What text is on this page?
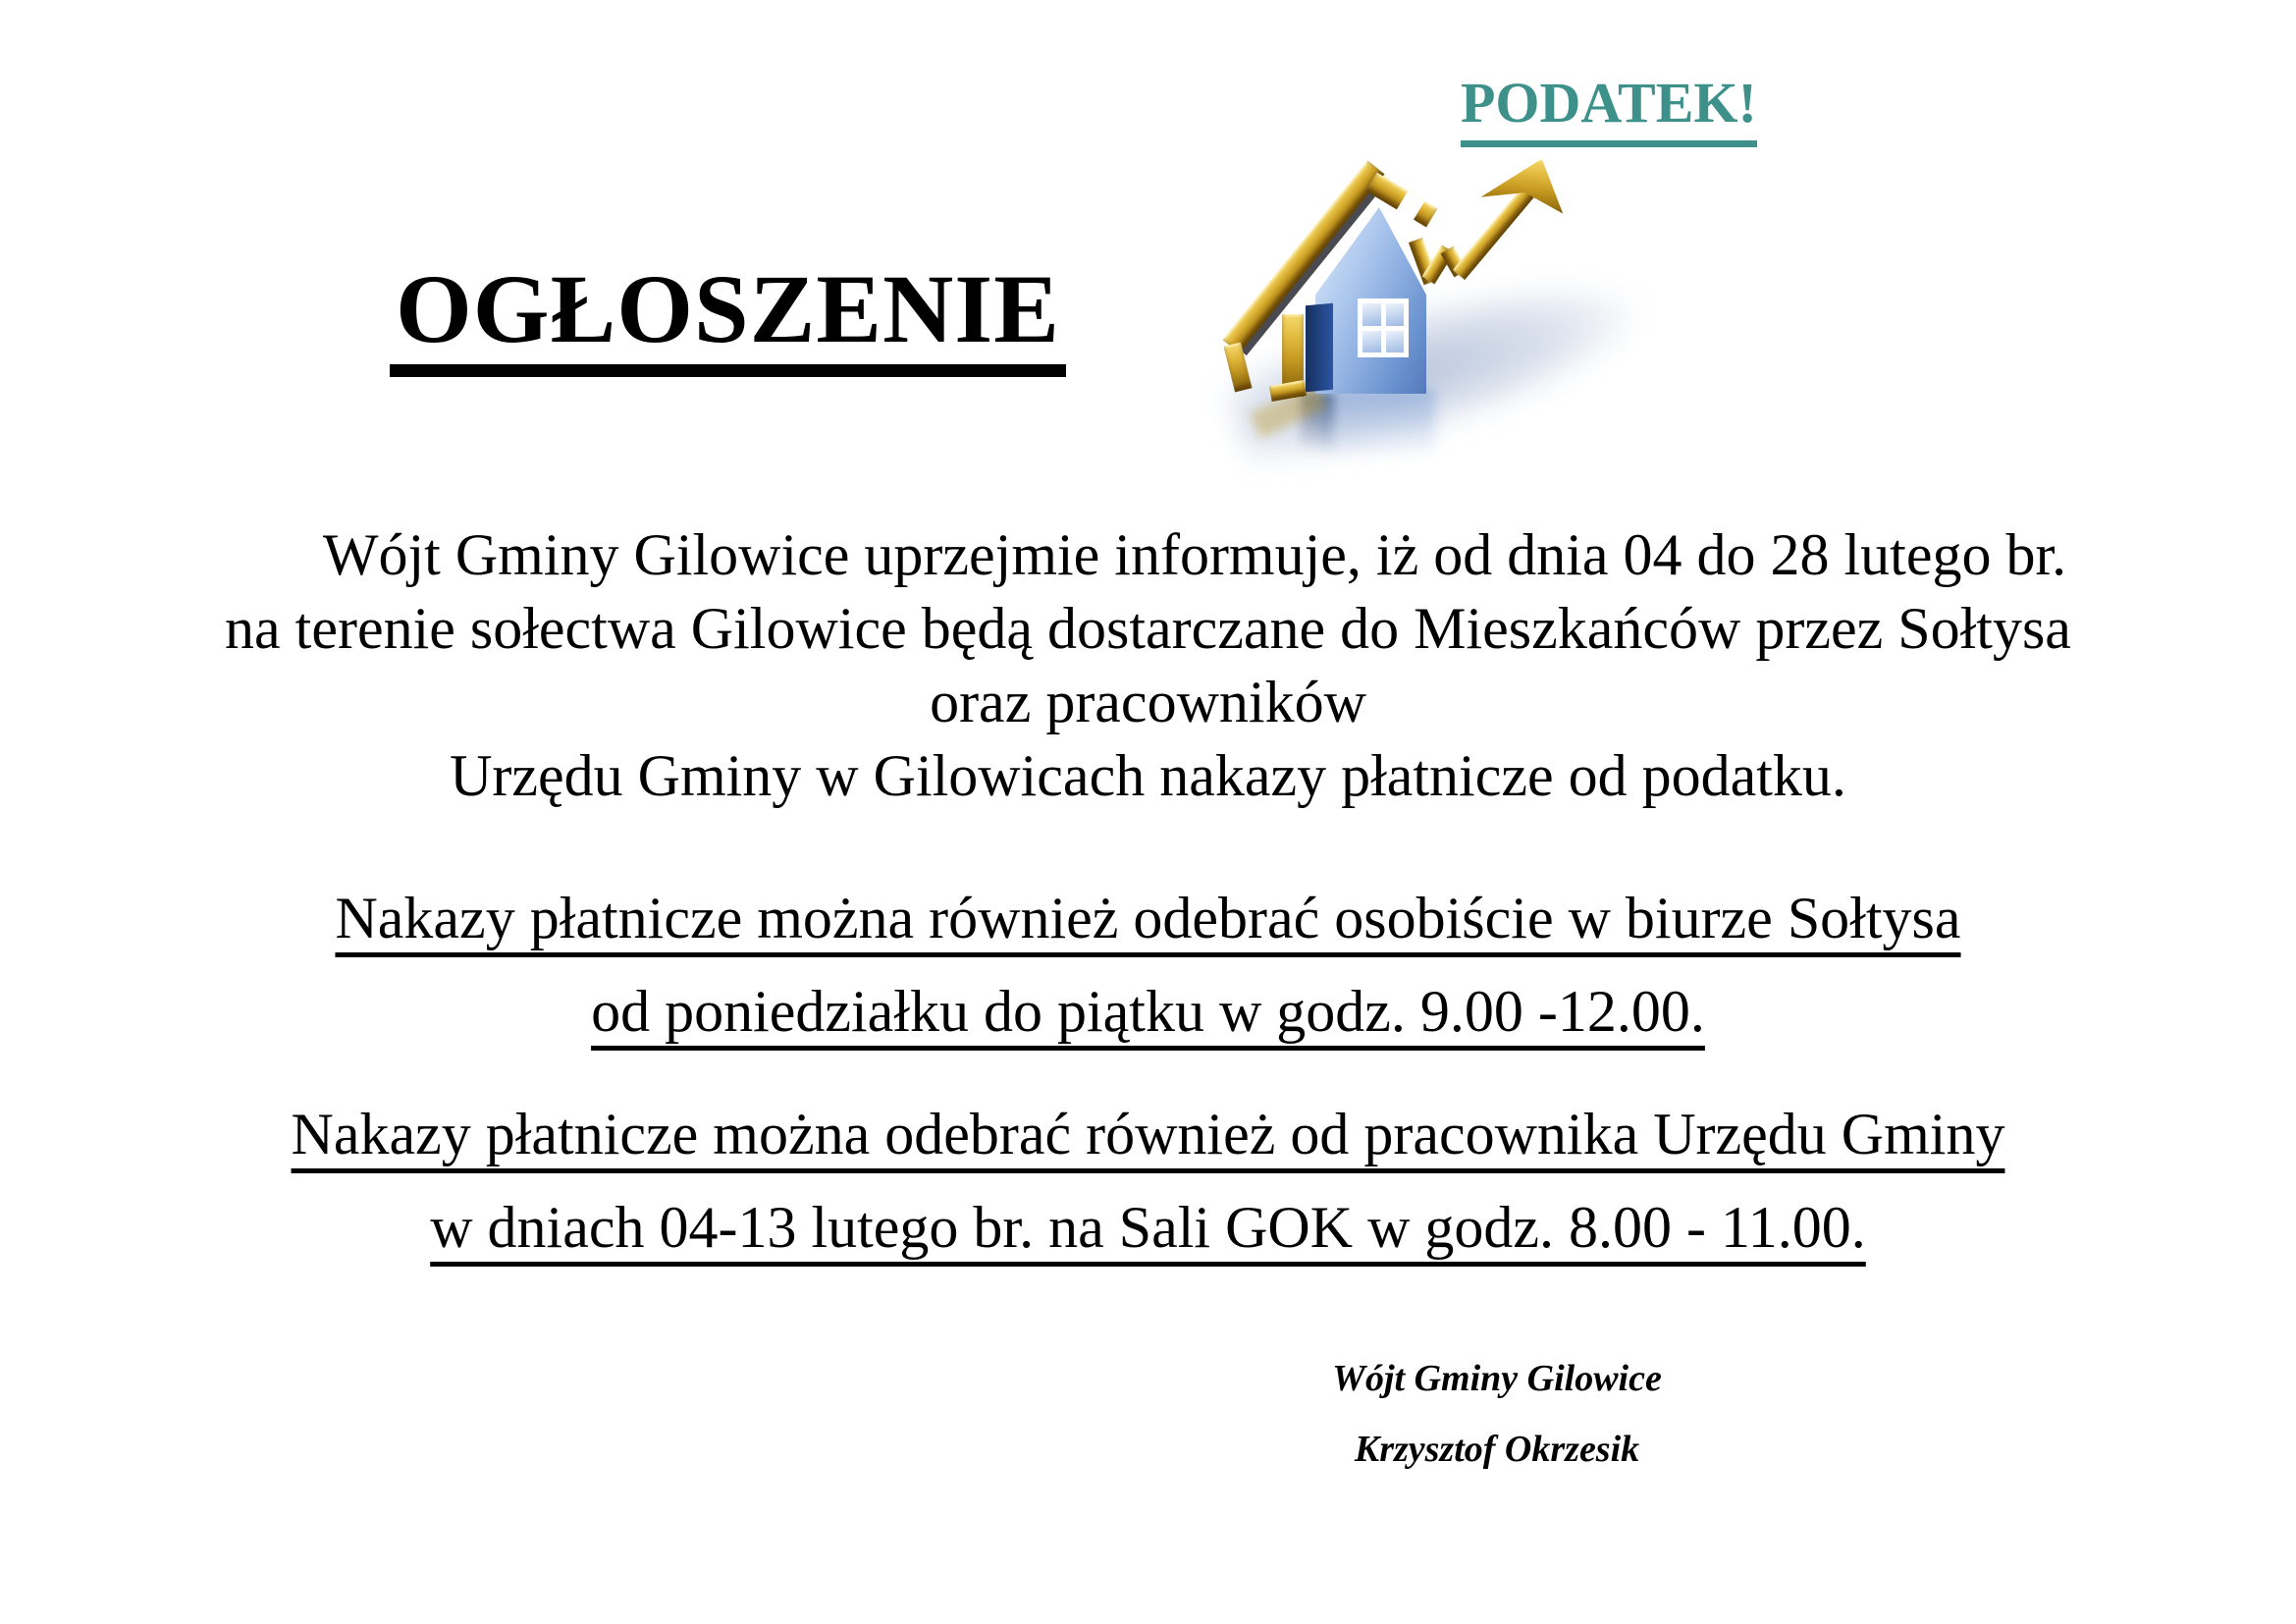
OGŁOSZENIE
PODATEK!
Wójt Gminy Gilowice uprzejmie informuje, iż od dnia 04 do 28 lutego br.
na terenie sołectwa Gilowice będą dostarczane do Mieszkańców przez Sołtysa
oraz pracowników
Urzędu Gminy w Gilowicach nakazy płatnicze od podatku.
Nakazy płatnicze można również odebrać osobiście w biurze Sołtysa
od poniedziałku do piątku w godz. 9.00 -12.00.
Nakazy płatnicze można odebrać również od pracownika Urzędu Gminy
w dniach 04-13 lutego br. na Sali GOK w godz. 8.00 - 11.00.
Wójt Gminy Gilowice
Krzysztof Okrzesik
